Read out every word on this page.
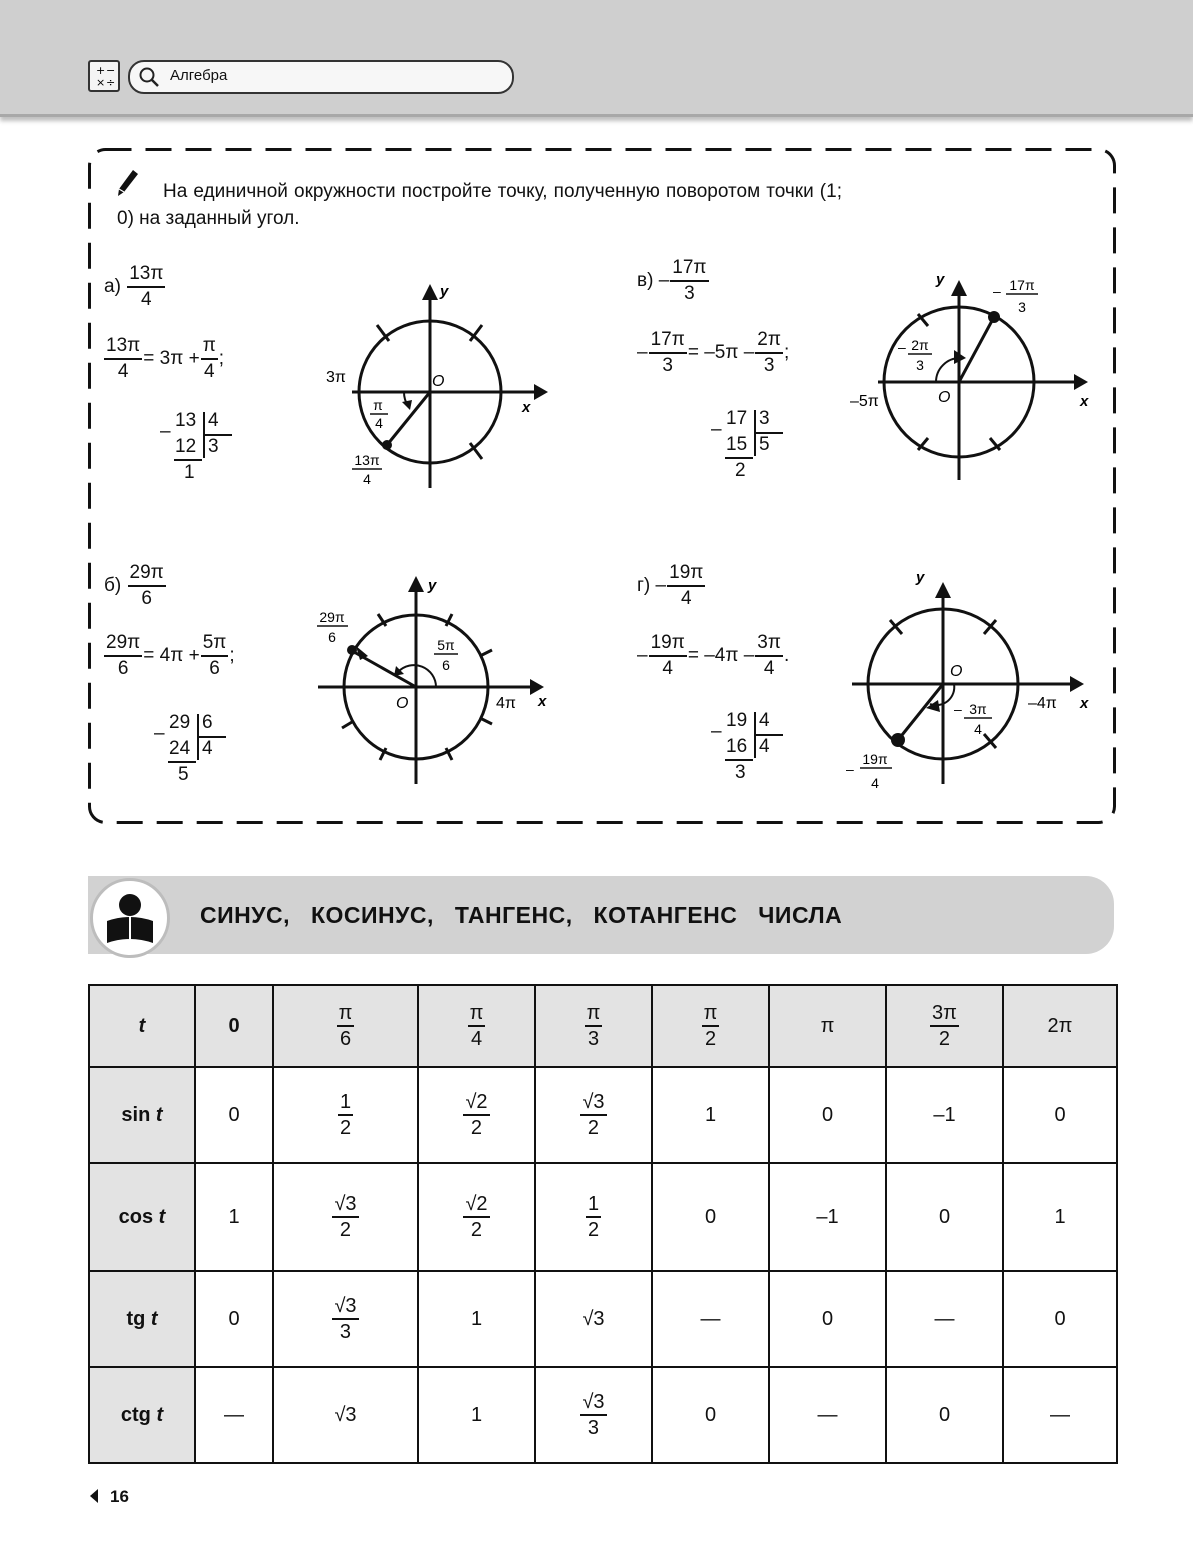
+ −
× ÷	Алгебра
На единичной окружности постройте точку, полученную поворотом точки (1; 0) на заданный угол.
$а) \frac{13\pi}{4}$
$\frac{13\pi}{4} = 3\pi + \frac{\pi}{4}$ ;
–
13 4
12 3
1
O
y
x
3π
π
4
13π
4
$б) \frac{29\pi}{6}$
$\frac{29\pi}{6} = 4\pi + \frac{5\pi}{6}$ ;
–
29 6
24 4
5
O
y
x
4π
5π
6
29π
6
$в) - \frac{17\pi}{3}$
– $\frac{17\pi}{3} = -5\pi - \frac{2\pi}{3}$ ;
–
17 3
15 5
2
O
y
x
–5π
– 2π
3
– 17π
3
$г) - \frac{19\pi}{4}$
– $\frac{19\pi}{4} = -4\pi - \frac{3\pi}{4}$ .
–
19 4
16 4
3
O
y
x
–4π
– 3π
4
–
19π
4
СИНУС, КОСИНУС, ТАНГЕНС, КОТАНГЕНС ЧИСЛА
t	0	$\frac{\pi}{6}$	$\frac{\pi}{4}$	$\frac{\pi}{3}$	$\frac{\pi}{2}$	π	$\frac{3\pi}{2}$	2π
sin t	0	$\frac{1}{2}$	$\frac{√2}{2}$	$\frac{√3}{2}$	1	0	–1	0
cos t	1	$\frac{√3}{2}$	$\frac{√2}{2}$	$\frac{1}{2}$	0	–1	0	1
tg t	0	$\frac{√3}{3}$	1	√3	—	0	—	0
ctg t	—	√3	1	$\frac{√3}{3}$	0	—	0	—
16
